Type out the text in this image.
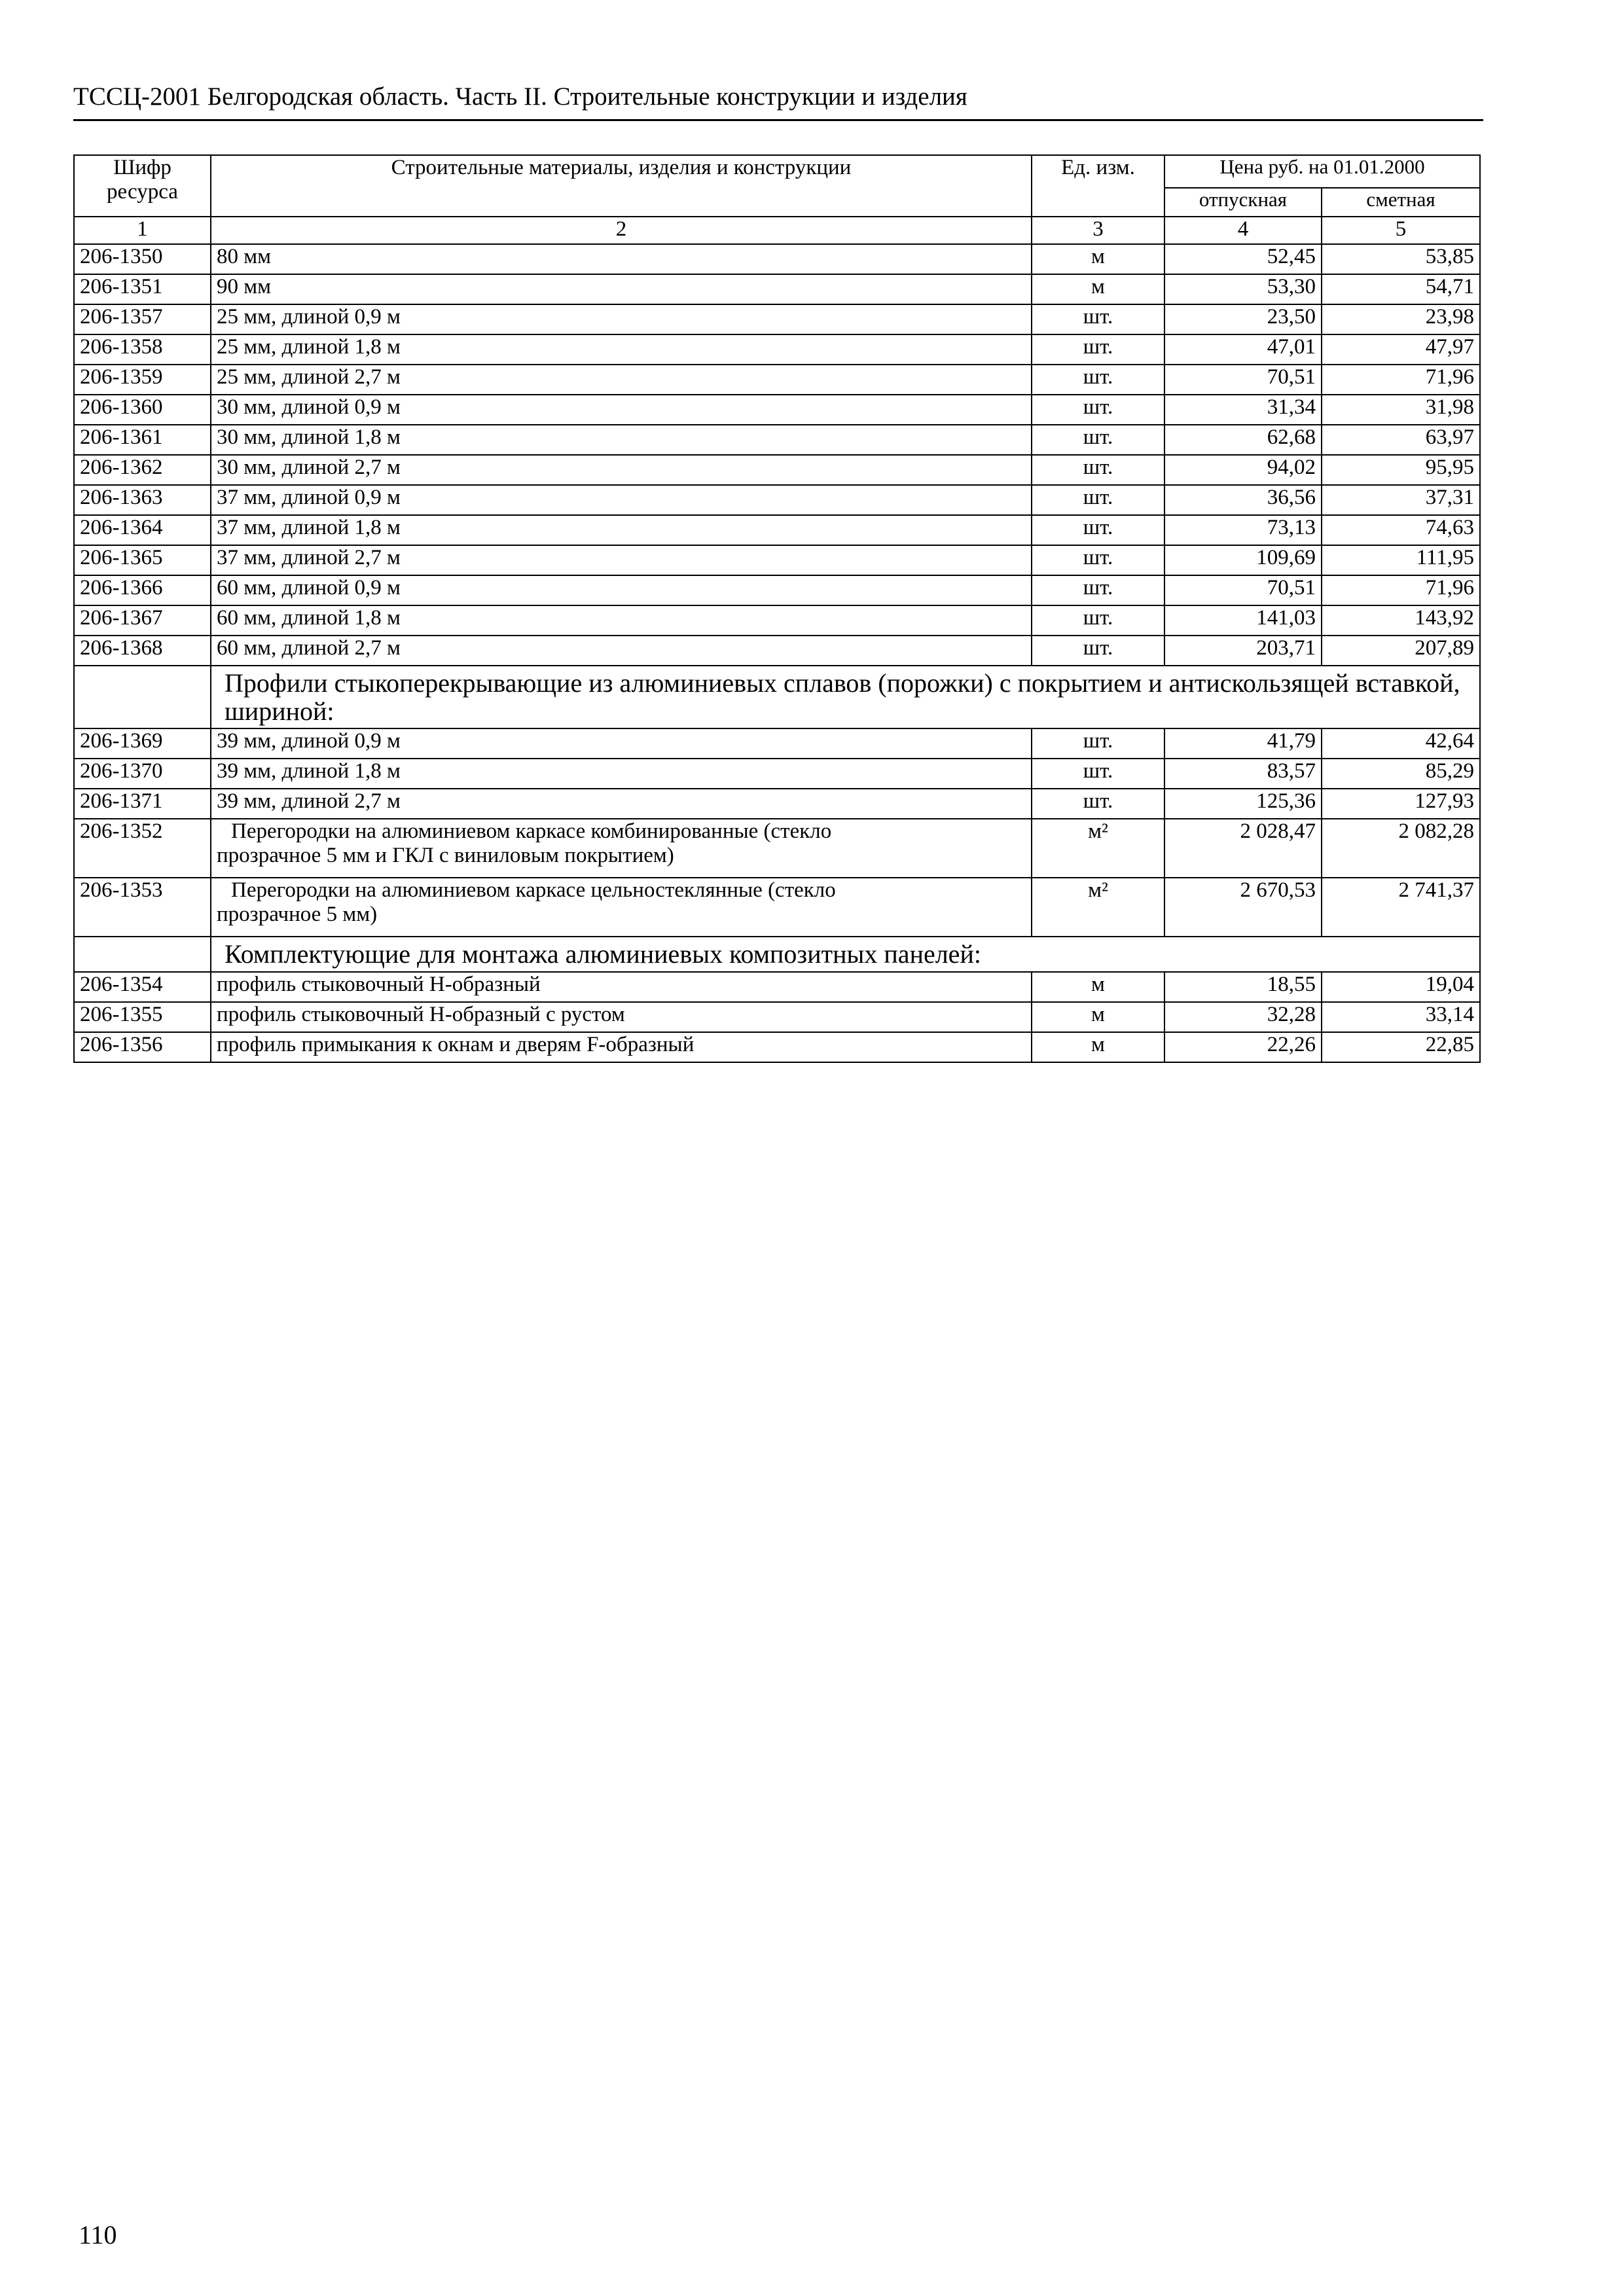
ТССЦ-2001 Белгородская область. Часть II. Строительные конструкции и изделия
Шифр ресурса	Строительные материалы, изделия и конструкции	Ед. изм.	Цена руб. на 01.01.2000	
			отпускная	сметная
1	2	3	4	5
206-1350	80 мм	м	52,45	53,85
206-1351	90 мм	м	53,30	54,71
206-1357	25 мм, длиной 0,9 м	шт.	23,50	23,98
206-1358	25 мм, длиной 1,8 м	шт.	47,01	47,97
206-1359	25 мм, длиной 2,7 м	шт.	70,51	71,96
206-1360	30 мм, длиной 0,9 м	шт.	31,34	31,98
206-1361	30 мм, длиной 1,8 м	шт.	62,68	63,97
206-1362	30 мм, длиной 2,7 м	шт.	94,02	95,95
206-1363	37 мм, длиной 0,9 м	шт.	36,56	37,31
206-1364	37 мм, длиной 1,8 м	шт.	73,13	74,63
206-1365	37 мм, длиной 2,7 м	шт.	109,69	111,95
206-1366	60 мм, длиной 0,9 м	шт.	70,51	71,96
206-1367	60 мм, длиной 1,8 м	шт.	141,03	143,92
206-1368	60 мм, длиной 2,7 м	шт.	203,71	207,89
	Профили стыкоперекрывающие из алюминиевых сплавов (порожки) с покрытием и антискользящей вставкой, шириной:			
206-1369	39 мм, длиной 0,9 м	шт.	41,79	42,64
206-1370	39 мм, длиной 1,8 м	шт.	83,57	85,29
206-1371	39 мм, длиной 2,7 м	шт.	125,36	127,93
206-1352	Перегородки на алюминиевом каркасе комбинированные (стекло
прозрачное 5 мм и ГКЛ с виниловым покрытием)	м²	2 028,47	2 082,28
206-1353	Перегородки на алюминиевом каркасе цельностеклянные (стекло
прозрачное 5 мм)	м²	2 670,53	2 741,37
	Комплектующие для монтажа алюминиевых композитных панелей:			
206-1354	профиль стыковочный Н-образный	м	18,55	19,04
206-1355	профиль стыковочный Н-образный с рустом	м	32,28	33,14
206-1356	профиль примыкания к окнам и дверям F-образный	м	22,26	22,85
110
